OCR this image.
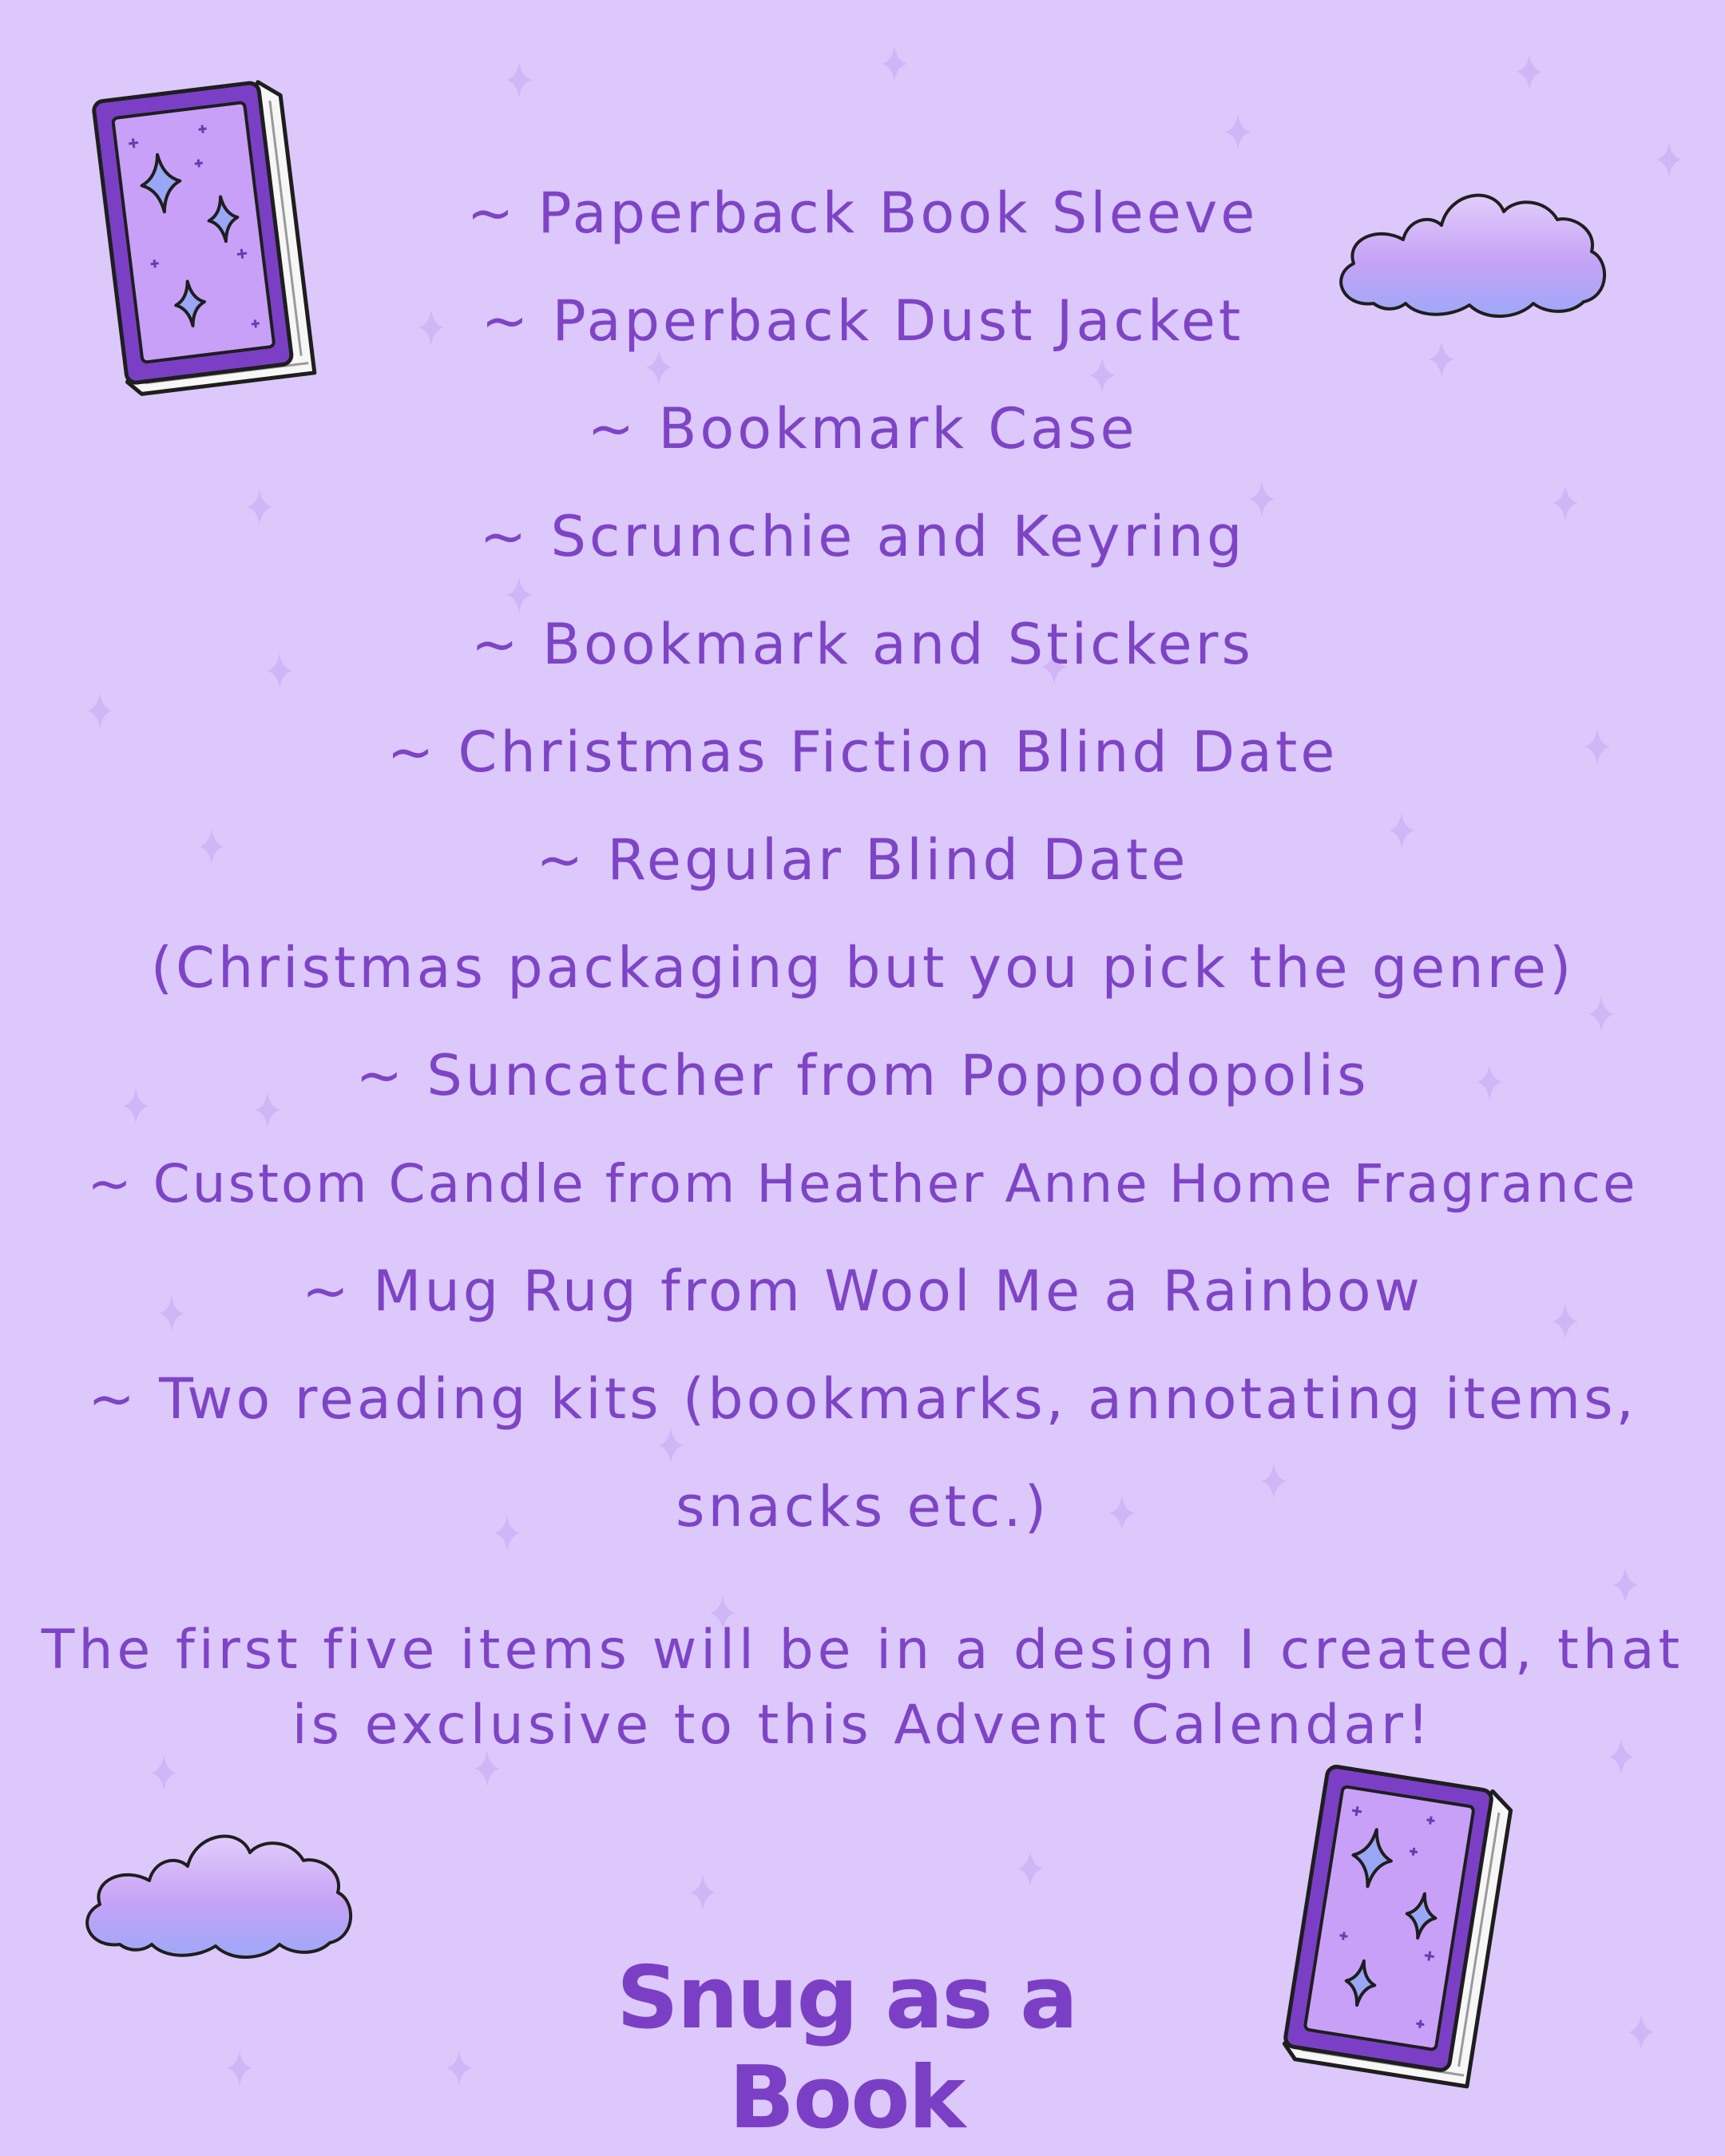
~ Paperback Book Sleeve
~ Paperback Dust Jacket
~ Bookmark Case
~ Scrunchie and Keyring
~ Bookmark and Stickers
~ Christmas Fiction Blind Date
~ Regular Blind Date
(Christmas packaging but you pick the genre)
~ Suncatcher from Poppodopolis
~ Custom Candle from Heather Anne Home Fragrance
~ Mug Rug from Wool Me a Rainbow
~ Two reading kits (bookmarks, annotating items,
snacks etc.)
The first five items will be in a design I created, that
is exclusive to this Advent Calendar!
Snug as a Book
